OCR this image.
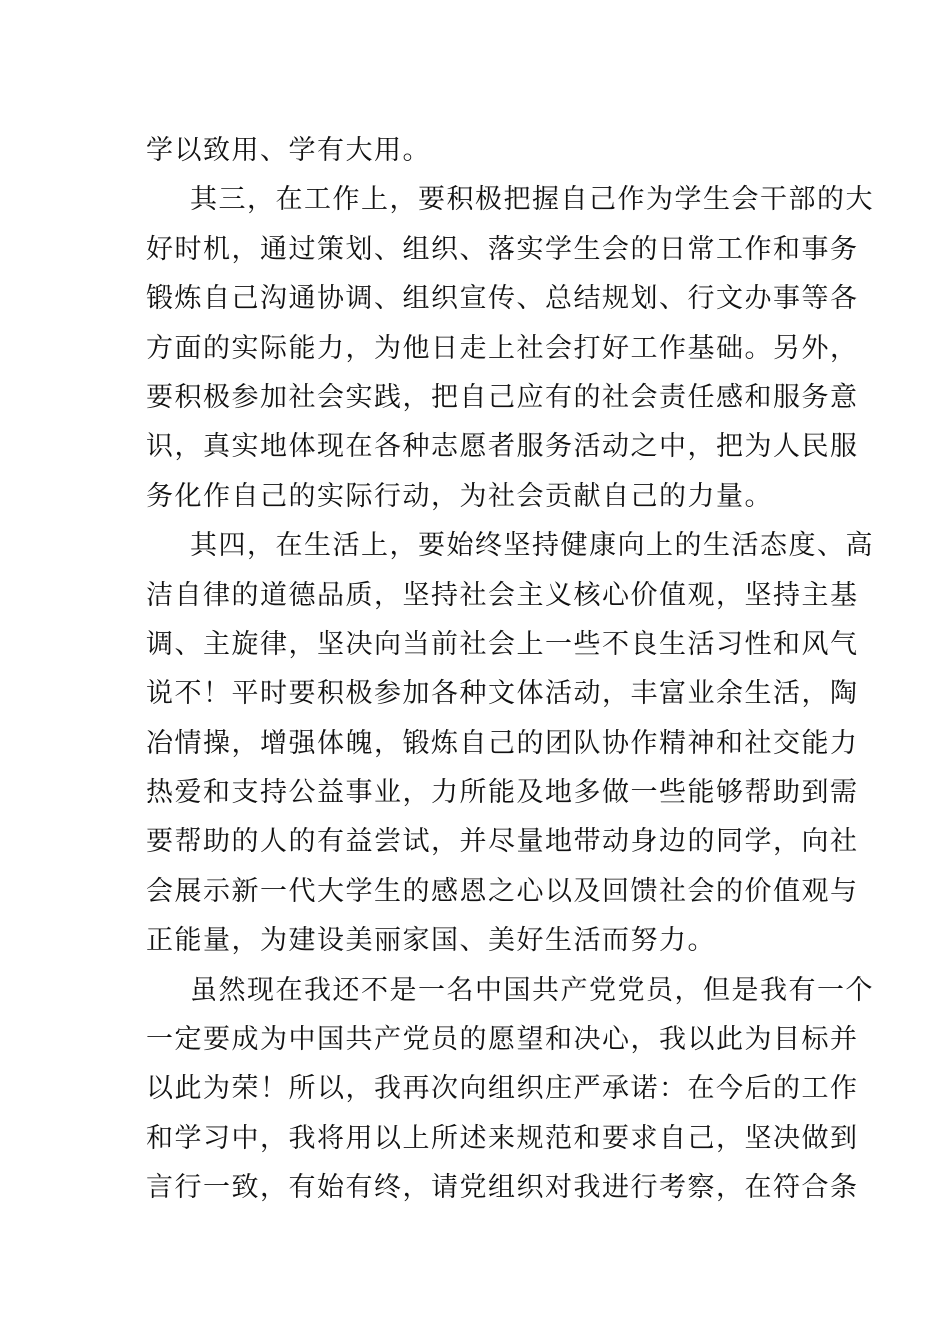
学以致用、学有大用。
其三，在工作上，要积极把握自己作为学生会干部的大
好时机，通过策划、组织、落实学生会的日常工作和事务
锻炼自己沟通协调、组织宣传、总结规划、行文办事等各
方面的实际能力，为他日走上社会打好工作基础。另外，
要积极参加社会实践，把自己应有的社会责任感和服务意
识，真实地体现在各种志愿者服务活动之中，把为人民服
务化作自己的实际行动，为社会贡献自己的力量。
其四，在生活上，要始终坚持健康向上的生活态度、高
洁自律的道德品质，坚持社会主义核心价值观，坚持主基
调、主旋律，坚决向当前社会上一些不良生活习性和风气
说不！平时要积极参加各种文体活动，丰富业余生活，陶
冶情操，增强体魄，锻炼自己的团队协作精神和社交能力
热爱和支持公益事业，力所能及地多做一些能够帮助到需
要帮助的人的有益尝试，并尽量地带动身边的同学，向社
会展示新一代大学生的感恩之心以及回馈社会的价值观与
正能量，为建设美丽家国、美好生活而努力。
虽然现在我还不是一名中国共产党党员，但是我有一个
一定要成为中国共产党员的愿望和决心，我以此为目标并
以此为荣！所以，我再次向组织庄严承诺：在今后的工作
和学习中，我将用以上所述来规范和要求自己，坚决做到
言行一致，有始有终，请党组织对我进行考察，在符合条
